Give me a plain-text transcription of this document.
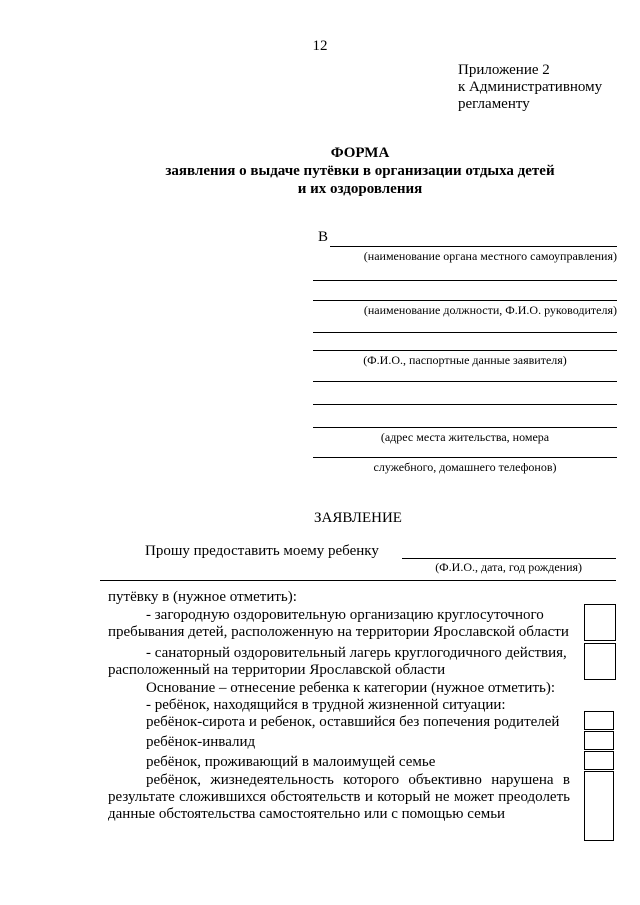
12
Приложение 2
к Административному
регламенту
ФОРМА
заявления о выдаче путёвки в организации отдыха детей
и их оздоровления
В
(наименование органа местного самоуправления)
(наименование должности, Ф.И.О. руководителя)
(Ф.И.О., паспортные данные заявителя)
(адрес места жительства, номера
служебного, домашнего телефонов)
ЗАЯВЛЕНИЕ
Прошу предоставить моему ребенку
(Ф.И.О., дата, год рождения)
путёвку в (нужное отметить):
- загородную оздоровительную организацию круглосуточного
пребывания детей, расположенную на территории Ярославской области
- санаторный оздоровительный лагерь круглогодичного действия,
расположенный на территории Ярославской области
Основание – отнесение ребенка к категории (нужное отметить):
- ребёнок, находящийся в трудной жизненной ситуации:
ребёнок-сирота и ребенок, оставшийся без попечения родителей
ребёнок-инвалид
ребёнок, проживающий в малоимущей семье
ребёнок, жизнедеятельность которого объективно нарушена в результате сложившихся обстоятельств и который не может преодолеть данные обстоятельства самостоятельно или с помощью семьи
